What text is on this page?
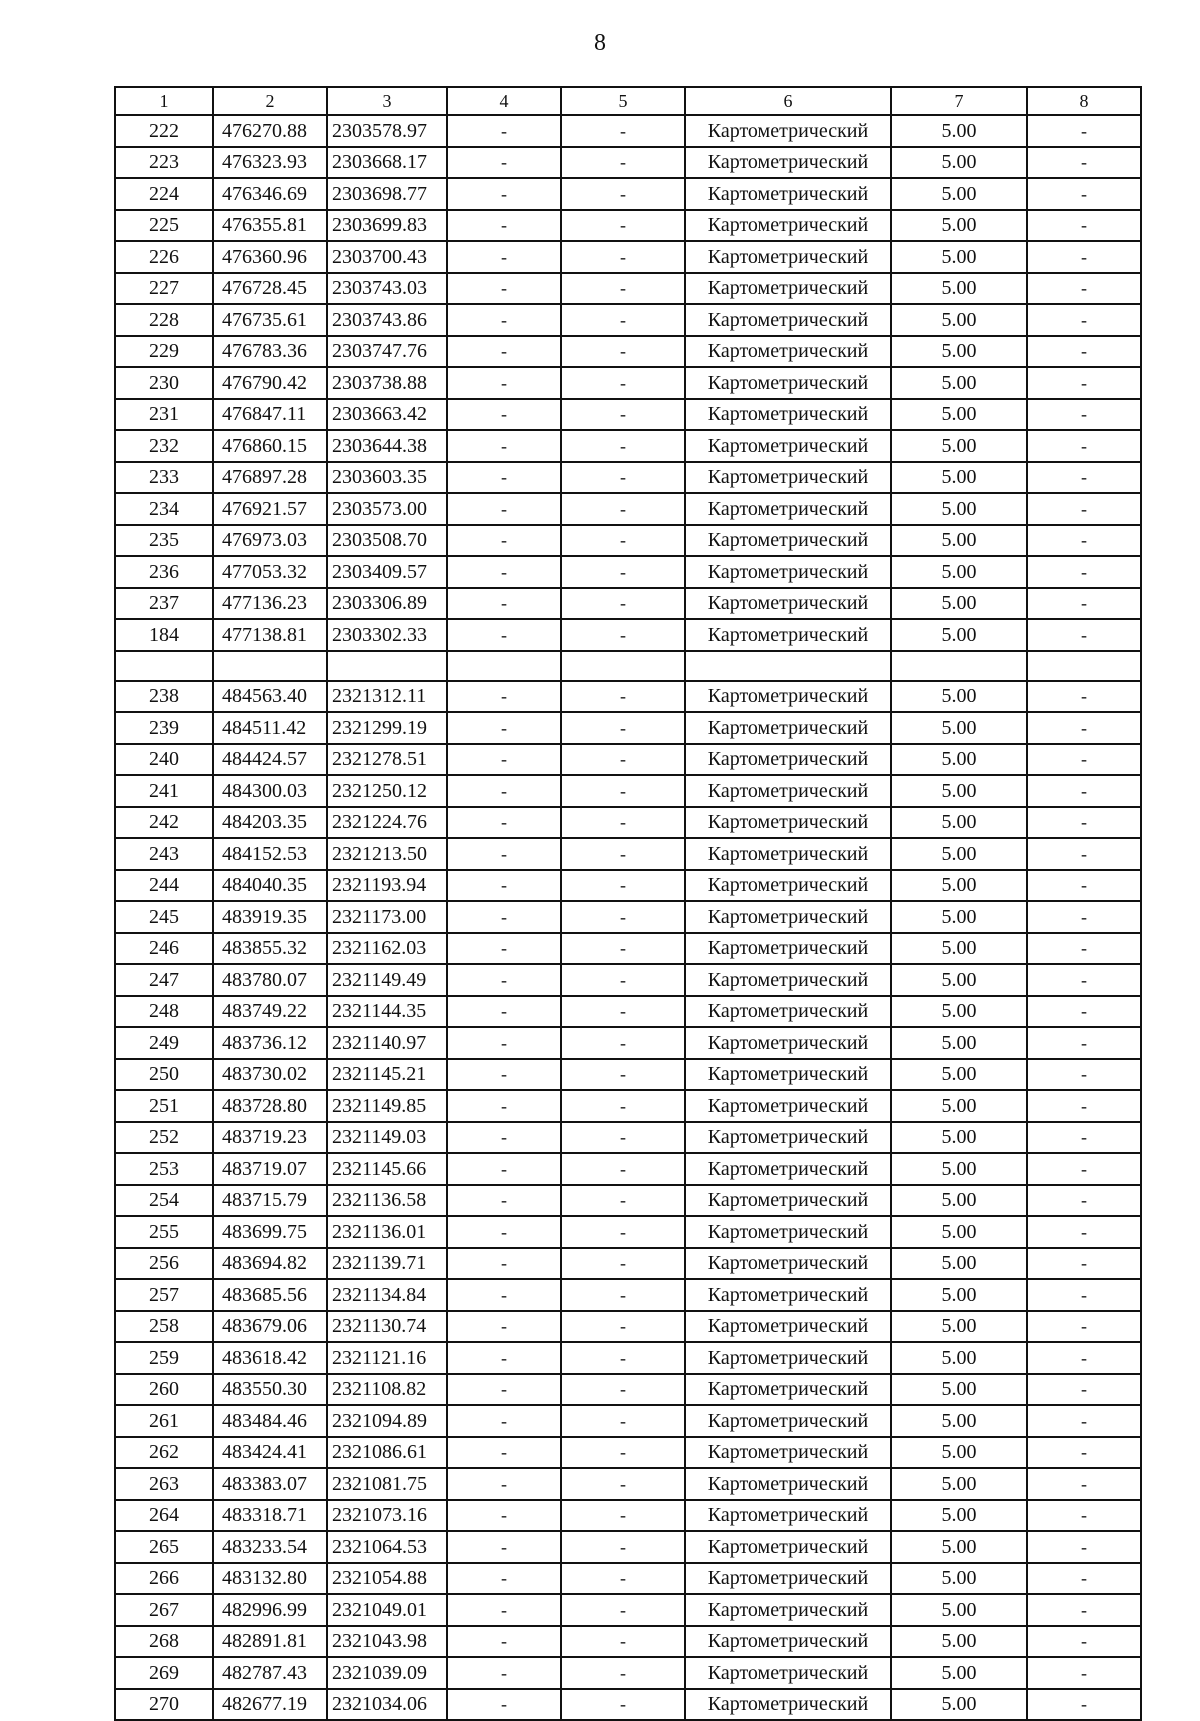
8
1	2	3	4	5	6	7	8
222	476270.88	2303578.97	-	-	Картометрический	5.00	-
223	476323.93	2303668.17	-	-	Картометрический	5.00	-
224	476346.69	2303698.77	-	-	Картометрический	5.00	-
225	476355.81	2303699.83	-	-	Картометрический	5.00	-
226	476360.96	2303700.43	-	-	Картометрический	5.00	-
227	476728.45	2303743.03	-	-	Картометрический	5.00	-
228	476735.61	2303743.86	-	-	Картометрический	5.00	-
229	476783.36	2303747.76	-	-	Картометрический	5.00	-
230	476790.42	2303738.88	-	-	Картометрический	5.00	-
231	476847.11	2303663.42	-	-	Картометрический	5.00	-
232	476860.15	2303644.38	-	-	Картометрический	5.00	-
233	476897.28	2303603.35	-	-	Картометрический	5.00	-
234	476921.57	2303573.00	-	-	Картометрический	5.00	-
235	476973.03	2303508.70	-	-	Картометрический	5.00	-
236	477053.32	2303409.57	-	-	Картометрический	5.00	-
237	477136.23	2303306.89	-	-	Картометрический	5.00	-
184	477138.81	2303302.33	-	-	Картометрический	5.00	-

238	484563.40	2321312.11	-	-	Картометрический	5.00	-
239	484511.42	2321299.19	-	-	Картометрический	5.00	-
240	484424.57	2321278.51	-	-	Картометрический	5.00	-
241	484300.03	2321250.12	-	-	Картометрический	5.00	-
242	484203.35	2321224.76	-	-	Картометрический	5.00	-
243	484152.53	2321213.50	-	-	Картометрический	5.00	-
244	484040.35	2321193.94	-	-	Картометрический	5.00	-
245	483919.35	2321173.00	-	-	Картометрический	5.00	-
246	483855.32	2321162.03	-	-	Картометрический	5.00	-
247	483780.07	2321149.49	-	-	Картометрический	5.00	-
248	483749.22	2321144.35	-	-	Картометрический	5.00	-
249	483736.12	2321140.97	-	-	Картометрический	5.00	-
250	483730.02	2321145.21	-	-	Картометрический	5.00	-
251	483728.80	2321149.85	-	-	Картометрический	5.00	-
252	483719.23	2321149.03	-	-	Картометрический	5.00	-
253	483719.07	2321145.66	-	-	Картометрический	5.00	-
254	483715.79	2321136.58	-	-	Картометрический	5.00	-
255	483699.75	2321136.01	-	-	Картометрический	5.00	-
256	483694.82	2321139.71	-	-	Картометрический	5.00	-
257	483685.56	2321134.84	-	-	Картометрический	5.00	-
258	483679.06	2321130.74	-	-	Картометрический	5.00	-
259	483618.42	2321121.16	-	-	Картометрический	5.00	-
260	483550.30	2321108.82	-	-	Картометрический	5.00	-
261	483484.46	2321094.89	-	-	Картометрический	5.00	-
262	483424.41	2321086.61	-	-	Картометрический	5.00	-
263	483383.07	2321081.75	-	-	Картометрический	5.00	-
264	483318.71	2321073.16	-	-	Картометрический	5.00	-
265	483233.54	2321064.53	-	-	Картометрический	5.00	-
266	483132.80	2321054.88	-	-	Картометрический	5.00	-
267	482996.99	2321049.01	-	-	Картометрический	5.00	-
268	482891.81	2321043.98	-	-	Картометрический	5.00	-
269	482787.43	2321039.09	-	-	Картометрический	5.00	-
270	482677.19	2321034.06	-	-	Картометрический	5.00	-
